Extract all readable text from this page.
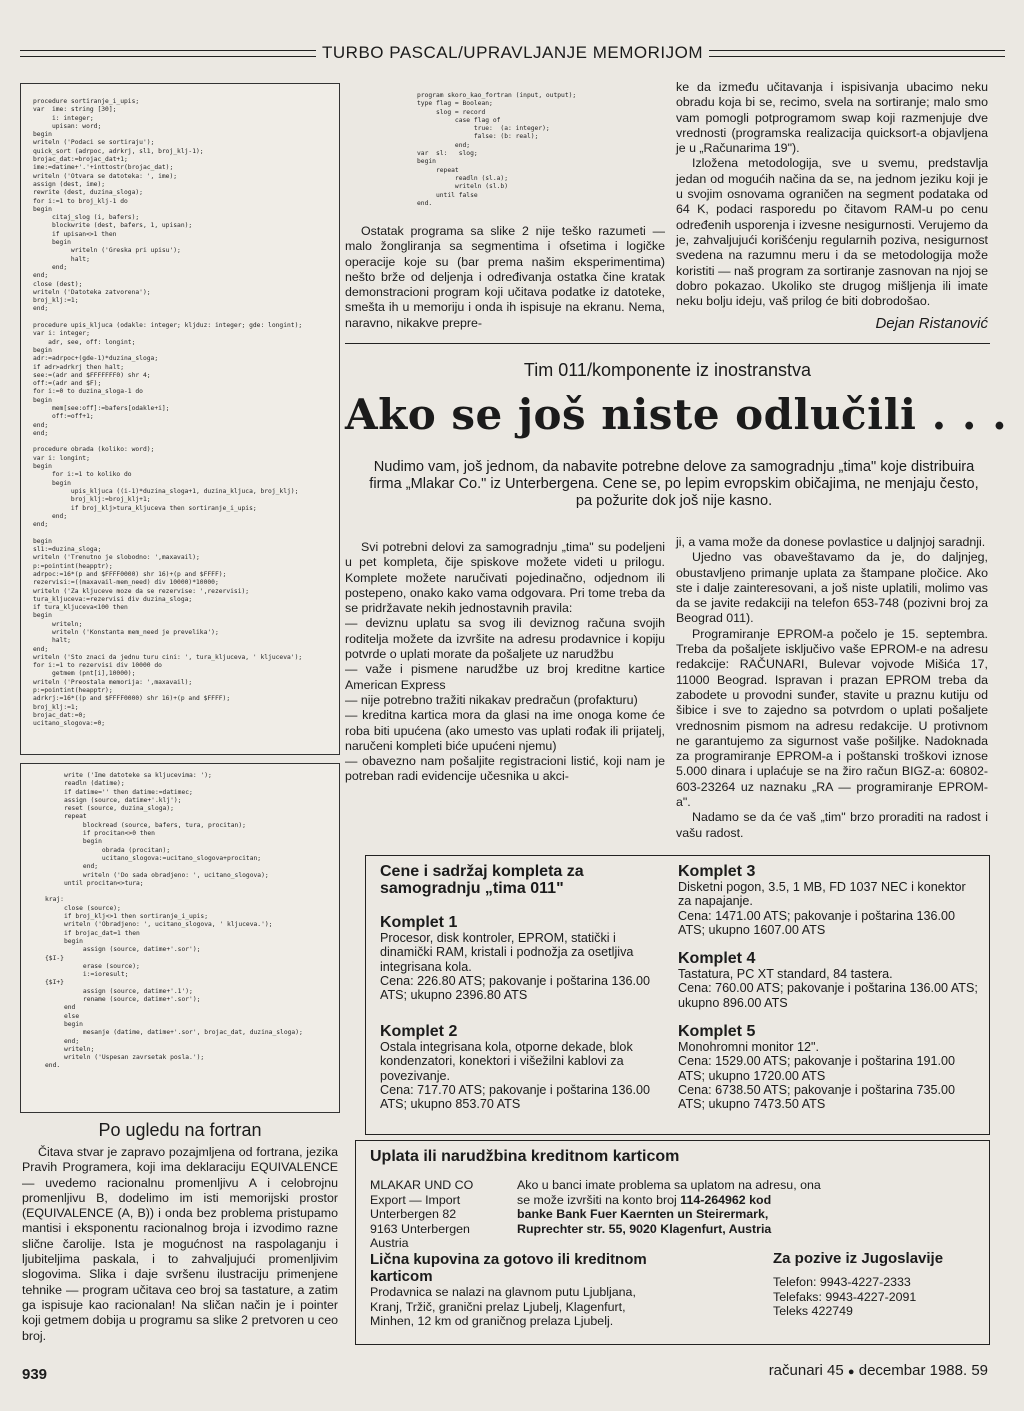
TURBO PASCAL/UPRAVLJANJE MEMORIJOM
procedure sortiranje_i_upis;
var  ime: string [30];
i: integer;
upisan: word;
begin
writeln ('Podaci se sortiraju');
quick_sort (adrpoc, adrkrj, sl1, broj_klj-1);
brojac_dat:=brojac_dat+1;
ime:=datime+'.'+inttostr(brojac_dat);
writeln ('Otvara se datoteka: ', ime);
assign (dest, ime);
rewrite (dest, duzina_sloga);
for i:=1 to broj_klj-1 do
begin
citaj_slog (i, bafers);
blockwrite (dest, bafers, 1, upisan);
if upisan<>1 then
begin
writeln ('Greska pri upisu');
halt;
end;
end;
close (dest);
writeln ('Datoteka zatvorena');
broj_klj:=1;
end;

procedure upis_kljuca (odakle: integer; kljduz: integer; gde: longint);
var i: integer;
adr, see, off: longint;
begin
adr:=adrpoc+(gde-1)*duzina_sloga;
if adr>adrkrj then halt;
see:=(adr and $FFFFFFF0) shr 4;
off:=(adr and $F);
for i:=0 to duzina_sloga-1 do
begin
mem[see:off]:=bafers[odakle+i];
off:=off+1;
end;
end;

procedure obrada (koliko: word);
var i: longint;
begin
for i:=1 to koliko do
begin
upis_kljuca ((i-1)*duzina_sloga+1, duzina_kljuca, broj_klj);
broj_klj:=broj_klj+1;
if broj_klj>tura_kljuceva then sortiranje_i_upis;
end;
end;

begin
sl1:=duzina_sloga;
writeln ('Trenutno je slobodno: ',maxavail);
p:=pointint(heapptr);
adrpoc:=16*(p and $FFFF0000) shr 16)+(p and $FFFF);
rezervisi:=((maxavail-mem_need) div 10000)*10000;
writeln ('Za kljuceve moze da se rezervise: ',rezervisi);
tura_kljuceva:=rezervisi div duzina_sloga;
if tura_kljuceva<100 then
begin
writeln;
writeln ('Konstanta mem_need je prevelika');
halt;
end;
writeln ('Sto znaci da jednu turu cini: ', tura_kljuceva, ' kljuceva');
for i:=1 to rezervisi div 10000 do
getmem (pnt[i],10000);
writeln ('Preostala memorija: ',maxavail);
p:=pointint(heapptr);
adrkrj:=16*((p and $FFFF0000) shr 16)+(p and $FFFF);
broj_klj:=1;
brojac_dat:=0;
ucitano_slogova:=0;
write ('Ime datoteke sa kljucevima: ');
readln (datime);
if datime='' then datime:=datimec;
assign (source, datime+'.klj');
reset (source, duzina_sloga);
repeat
blockread (source, bafers, tura, procitan);
if procitan<>0 then
begin
obrada (procitan);
ucitano_slogova:=ucitano_slogova+procitan;
end;
writeln ('Do sada obradjeno: ', ucitano_slogova);
until procitan<>tura;

kraj:
close (source);
if broj_klj<>1 then sortiranje_i_upis;
writeln ('Obradjeno: ', ucitano_slogova, ' kljuceva.');
if brojac_dat=1 then
begin
assign (source, datime+'.sor');
{$I-}
erase (source);
i:=ioresult;
{$I+}
assign (source, datime+'.1');
rename (source, datime+'.sor');
end
else
begin
mesanje (datime, datime+'.sor', brojac_dat, duzina_sloga);
end;
writeln;
writeln ('Uspesan zavrsetak posla.');
end.
Po ugledu na fortran

Čitava stvar je zapravo pozajmljena od fortrana, jezika Pravih Programera, koji ima deklaraciju EQUIVALENCE — uvedemo racionalnu promenljivu A i celobrojnu promenljivu B, dodelimo im isti memorijski prostor (EQUIVALENCE (A, B)) i onda bez problema pristupamo mantisi i eksponentu racionalnog broja i izvodimo razne slične čarolije. Ista je mogućnost na raspolaganju i ljubiteljima paskala, i to zahvaljujući promenljivim slogovima. Slika i daje svršenu ilustraciju primenjene tehnike — program učitava ceo broj sa tastature, a zatim ga ispisuje kao racionalan! Na sličan način je i pointer koji getmem dobija u programu sa slike 2 pretvoren u ceo broj.

program skoro_kao_fortran (input, output);
type flag = Boolean;
slog = record
case flag of
true:  (a: integer);
false: (b: real);
end;
var  sl:   slog;
begin
repeat
readln (sl.a);
writeln (sl.b)
until false
end.

Ostatak programa sa slike 2 nije teško razumeti — malo žongliranja sa segmentima i ofsetima i logičke operacije koje su (bar prema našim eksperimentima) nešto brže od deljenja i određivanja ostatka čine kratak demonstracioni program koji učitava podatke iz datoteke, smešta ih u memoriju i onda ih ispisuje na ekranu. Nema, naravno, nikakve prepre-

ke da između učitavanja i ispisivanja ubacimo neku obradu koja bi se, recimo, svela na sortiranje; malo smo vam pomogli potprogramom swap koji razmenjuje dve vrednosti (programska realizacija quicksort-a objavljena je u „Računarima 19").

Izložena metodologija, sve u svemu, predstavlja jedan od mogućih načina da se, na jednom jeziku koji je u svojim osnovama ograničen na segment podataka od 64 K, podaci rasporedu po čitavom RAM-u po cenu određenih usporenja i izvesne nesigurnosti. Verujemo da je, zahvaljujući korišćenju regularnih poziva, nesigurnost svedena na razumnu meru i da se metodologija može koristiti — naš program za sortiranje zasnovan na njoj se dobro pokazao. Ukoliko ste drugog mišljenja ili imate neku bolju ideju, vaš prilog će biti dobrodošao.

Dejan Ristanović
Tim 011/komponente iz inostranstva
Ako se još niste odlučili . . .
Nudimo vam, još jednom, da nabavite potrebne delove za samogradnju „tima" koje distribuira firma „Mlakar Co." iz Unterbergena. Cene se, po lepim evropskim običajima, ne menjaju često, pa požurite dok još nije kasno.

Svi potrebni delovi za samogradnju „tima" su podeljeni u pet kompleta, čije spiskove možete videti u prilogu. Komplete možete naručivati pojedinačno, odjednom ili postepeno, onako kako vama odgovara. Pri tome treba da se pridržavate nekih jednostavnih pravila:

— deviznu uplatu sa svog ili deviznog računa svojih roditelja možete da izvršite na adresu prodavnice i kopiju potvrde o uplati morate da pošaljete uz narudžbu

— važe i pismene narudžbe uz broj kreditne kartice American Express

— nije potrebno tražiti nikakav predračun (profakturu)

— kreditna kartica mora da glasi na ime onoga kome će roba biti upućena (ako umesto vas uplati rođak ili prijatelj, naručeni kompleti biće upućeni njemu)

— obavezno nam pošaljite registracioni listić, koji nam je potreban radi evidencije učesnika u akci-

ji, a vama može da donese povlastice u daljnjoj saradnji.

Ujedno vas obaveštavamo da je, do daljnjeg, obustavljeno primanje uplata za štampane pločice. Ako ste i dalje zainteresovani, a još niste uplatili, molimo vas da se javite redakciji na telefon 653-748 (pozivni broj za Beograd 011).

Programiranje EPROM-a počelo je 15. septembra. Treba da pošaljete isključivo vaše EPROM-e na adresu redakcije: RAČUNARI, Bulevar vojvode Mišića 17, 11000 Beograd. Ispravan i prazan EPROM treba da zabodete u provodni sunđer, stavite u praznu kutiju od šibice i sve to zajedno sa potvrdom o uplati pošaljete vrednosnim pismom na adresu redakcije. U protivnom ne garantujemo za sigurnost vaše pošiljke. Nadoknada za programiranje EPROM-a i poštanski troškovi iznose 5.000 dinara i uplaćuje se na žiro račun BIGZ-a: 60802-603-23264 uz naznaku „RA — programiranje EPROM-a".

Nadamo se da će vaš „tim" brzo proraditi na radost i vašu radost.

Cene i sadržaj kompleta za samogradnju „tima 011"
Komplet 1
Procesor, disk kontroler, EPROM, statički i dinamički RAM, kristali i podnožja za osetljiva integrisana kola.
Cena: 226.80 ATS; pakovanje i poštarina 136.00 ATS; ukupno 2396.80 ATS
Komplet 2
Ostala integrisana kola, otporne dekade, blok kondenzatori, konektori i višežilni kablovi za povezivanje.
Cena: 717.70 ATS; pakovanje i poštarina 136.00 ATS; ukupno 853.70 ATS
Komplet 3
Disketni pogon, 3.5, 1 MB, FD 1037 NEC i konektor za napajanje.
Cena: 1471.00 ATS; pakovanje i poštarina 136.00 ATS; ukupno 1607.00 ATS
Komplet 4
Tastatura, PC XT standard, 84 tastera.
Cena: 760.00 ATS; pakovanje i poštarina 136.00 ATS; ukupno 896.00 ATS
Komplet 5
Monohromni monitor 12".
Cena: 1529.00 ATS; pakovanje i poštarina 191.00 ATS; ukupno 1720.00 ATS
Cena: 6738.50 ATS; pakovanje i poštarina 735.00 ATS; ukupno 7473.50 ATS
Uplata ili narudžbina kreditnom karticom
MLAKAR UND CO
Export — Import
Unterbergen 82
9163 Unterbergen
Austria
Ako u banci imate problema sa uplatom na adresu, ona se može izvršiti na konto broj 114-264962 kod
banke Bank Fuer Kaernten un Steirermark,
Ruprechter str. 55, 9020 Klagenfurt, Austria
Lična kupovina za gotovo ili kreditnom karticom
Prodavnica se nalazi na glavnom putu Ljubljana, Kranj, Tržič, granični prelaz Ljubelj, Klagenfurt, Minhen, 12 km od graničnog prelaza Ljubelj.
Za pozive iz Jugoslavije
Telefon: 9943-4227-2333
Telefaks: 9943-4227-2091
Teleks 422749
939	računari 45 ● decembar 1988. 59
